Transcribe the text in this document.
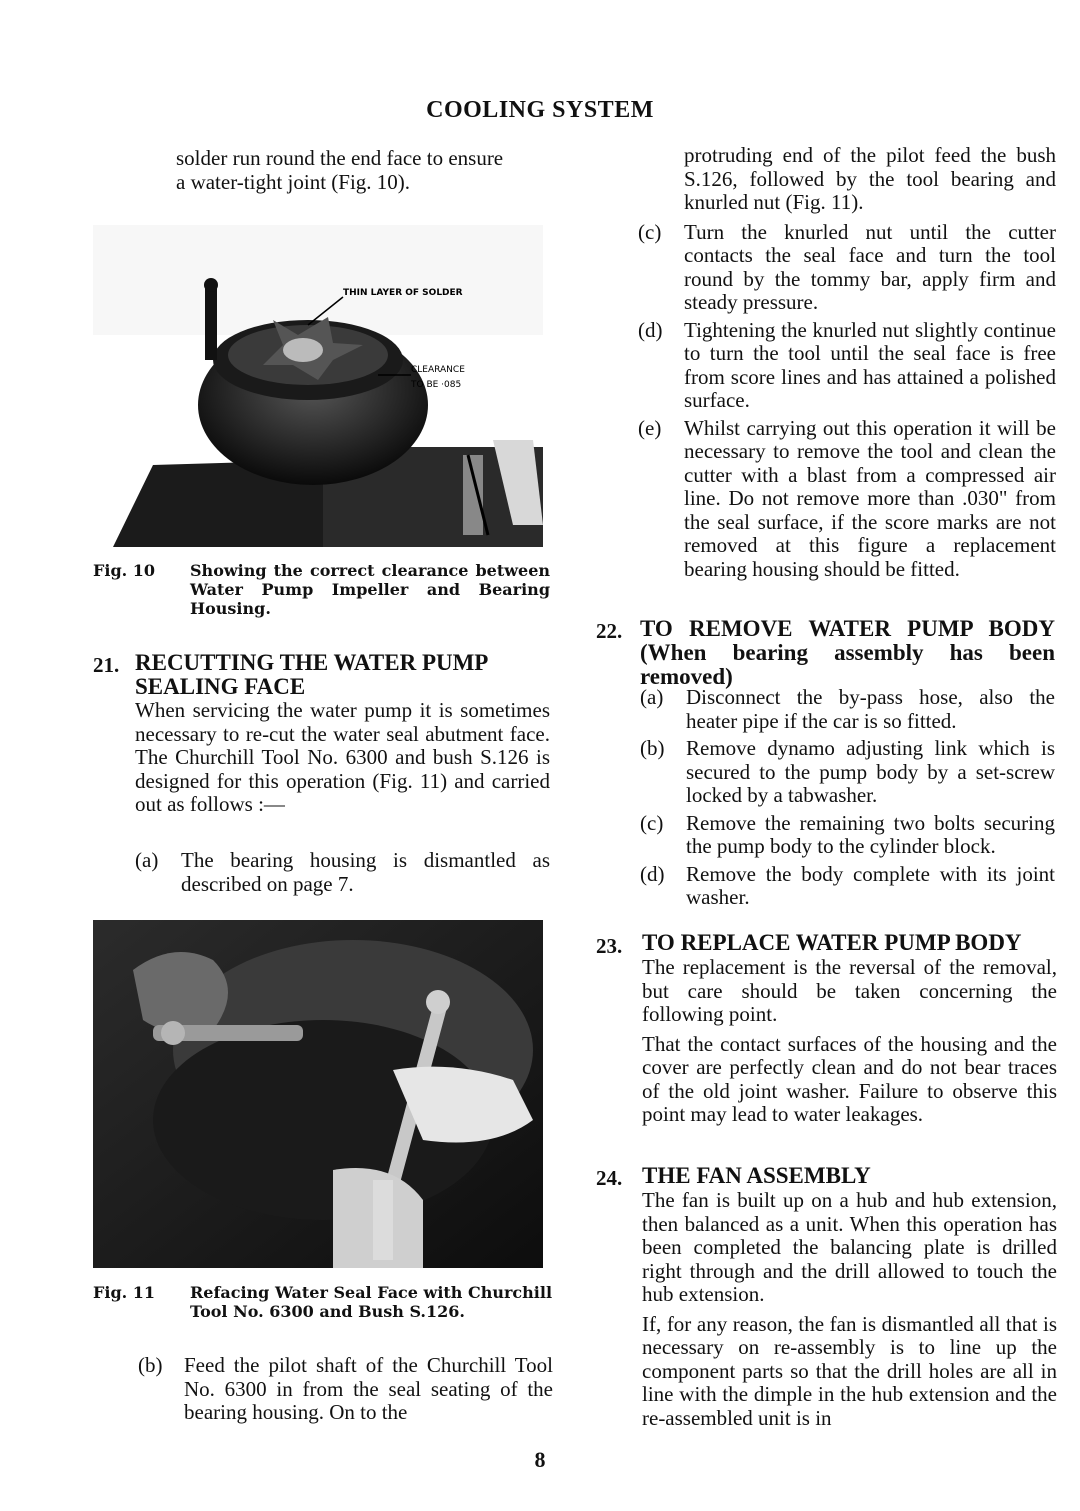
COOLING SYSTEM
solder run round the end face to ensure
a water-tight joint (Fig. 10).
THIN LAYER OF SOLDER
CLEARANCE
TO BE ·085
Fig. 10	Showing the correct clearance between Water Pump Impeller and Bearing Housing.
21. RECUTTING THE WATER PUMP SEALING FACE
When servicing the water pump it is sometimes necessary to re-cut the water seal abutment face. The Churchill Tool No. 6300 and bush S.126 is designed for this operation (Fig. 11) and carried out as follows :—
(a) The bearing housing is dismantled as described on page 7.
Fig. 11	Refacing Water Seal Face with Churchill Tool No. 6300 and Bush S.126.
(b) Feed the pilot shaft of the Churchill Tool No. 6300 in from the seal seating of the bearing housing. On to the
protruding end of the pilot feed the bush S.126, followed by the tool bearing and knurled nut (Fig. 11).
(c) Turn the knurled nut until the cutter contacts the seal face and turn the tool round by the tommy bar, apply firm and steady pressure.
(d) Tightening the knurled nut slightly continue to turn the tool until the seal face is free from score lines and has attained a polished surface.
(e) Whilst carrying out this operation it will be necessary to remove the tool and clean the cutter with a blast from a compressed air line. Do not remove more than .030" from the seal surface, if the score marks are not removed at this figure a replacement bearing housing should be fitted.
22. TO REMOVE WATER PUMP BODY (When bearing assembly has been removed)
(a) Disconnect the by-pass hose, also the heater pipe if the car is so fitted.
(b) Remove dynamo adjusting link which is secured to the pump body by a set-screw locked by a tabwasher.
(c) Remove the remaining two bolts securing the pump body to the cylinder block.
(d) Remove the body complete with its joint washer.
23. TO REPLACE WATER PUMP BODY
The replacement is the reversal of the removal, but care should be taken concerning the following point.
That the contact surfaces of the housing and the cover are perfectly clean and do not bear traces of the old joint washer. Failure to observe this point may lead to water leakages.
24. THE FAN ASSEMBLY
The fan is built up on a hub and hub extension, then balanced as a unit. When this operation has been completed the balancing plate is drilled right through and the drill allowed to touch the hub extension.
If, for any reason, the fan is dismantled all that is necessary on re-assembly is to line up the component parts so that the drill holes are all in line with the dimple in the hub extension and the re-assembled unit is in
8
